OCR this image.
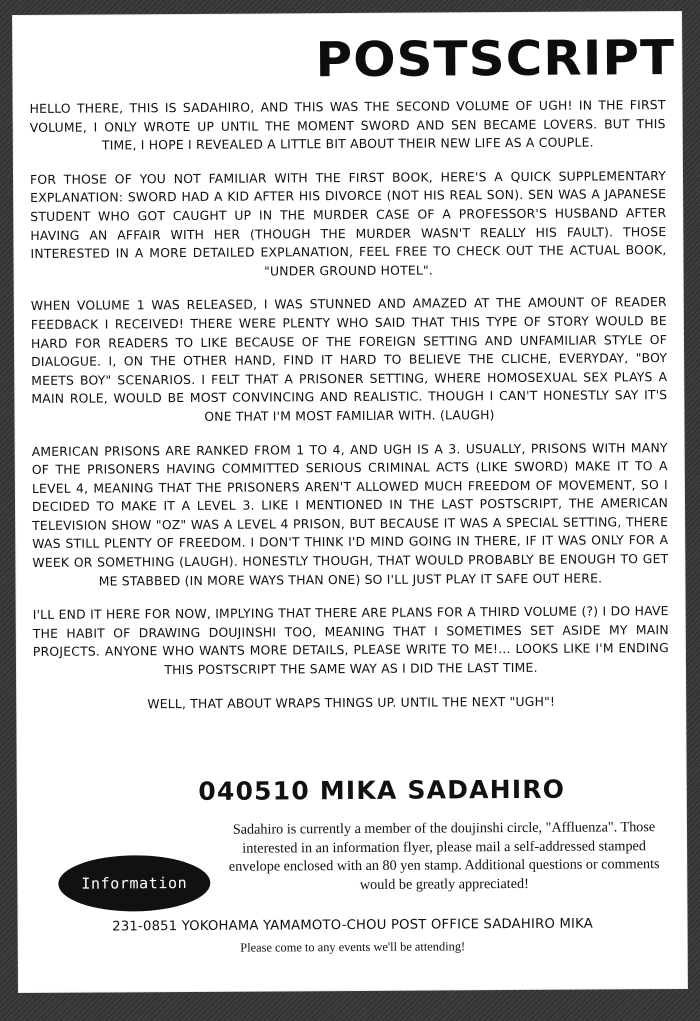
POSTSCRIPT

HELLO THERE, THIS IS SADAHIRO, AND THIS WAS THE SECOND VOLUME OF UGH! IN THE FIRST VOLUME, I ONLY WROTE UP UNTIL THE MOMENT SWORD AND SEN BECAME LOVERS. BUT THIS TIME, I HOPE I REVEALED A LITTLE BIT ABOUT THEIR NEW LIFE AS A COUPLE.

FOR THOSE OF YOU NOT FAMILIAR WITH THE FIRST BOOK, HERE'S A QUICK SUPPLEMENTARY EXPLANATION: SWORD HAD A KID AFTER HIS DIVORCE (NOT HIS REAL SON). SEN WAS A JAPANESE STUDENT WHO GOT CAUGHT UP IN THE MURDER CASE OF A PROFESSOR'S HUSBAND AFTER HAVING AN AFFAIR WITH HER (THOUGH THE MURDER WASN'T REALLY HIS FAULT). THOSE INTERESTED IN A MORE DETAILED EXPLANATION, FEEL FREE TO CHECK OUT THE ACTUAL BOOK, "UNDER GROUND HOTEL".

WHEN VOLUME 1 WAS RELEASED, I WAS STUNNED AND AMAZED AT THE AMOUNT OF READER FEEDBACK I RECEIVED! THERE WERE PLENTY WHO SAID THAT THIS TYPE OF STORY WOULD BE HARD FOR READERS TO LIKE BECAUSE OF THE FOREIGN SETTING AND UNFAMILIAR STYLE OF DIALOGUE. I, ON THE OTHER HAND, FIND IT HARD TO BELIEVE THE CLICHE, EVERYDAY, "BOY MEETS BOY" SCENARIOS. I FELT THAT A PRISONER SETTING, WHERE HOMOSEXUAL SEX PLAYS A MAIN ROLE, WOULD BE MOST CONVINCING AND REALISTIC. THOUGH I CAN'T HONESTLY SAY IT'S ONE THAT I'M MOST FAMILIAR WITH. (LAUGH)

AMERICAN PRISONS ARE RANKED FROM 1 TO 4, AND UGH IS A 3. USUALLY, PRISONS WITH MANY OF THE PRISONERS HAVING COMMITTED SERIOUS CRIMINAL ACTS (LIKE SWORD) MAKE IT TO A LEVEL 4, MEANING THAT THE PRISONERS AREN'T ALLOWED MUCH FREEDOM OF MOVEMENT, SO I DECIDED TO MAKE IT A LEVEL 3. LIKE I MENTIONED IN THE LAST POSTSCRIPT, THE AMERICAN TELEVISION SHOW "OZ" WAS A LEVEL 4 PRISON, BUT BECAUSE IT WAS A SPECIAL SETTING, THERE WAS STILL PLENTY OF FREEDOM. I DON'T THINK I'D MIND GOING IN THERE, IF IT WAS ONLY FOR A WEEK OR SOMETHING (LAUGH). HONESTLY THOUGH, THAT WOULD PROBABLY BE ENOUGH TO GET ME STABBED (IN MORE WAYS THAN ONE) SO I'LL JUST PLAY IT SAFE OUT HERE.

I'LL END IT HERE FOR NOW, IMPLYING THAT THERE ARE PLANS FOR A THIRD VOLUME (?) I DO HAVE THE HABIT OF DRAWING DOUJINSHI TOO, MEANING THAT I SOMETIMES SET ASIDE MY MAIN PROJECTS. ANYONE WHO WANTS MORE DETAILS, PLEASE WRITE TO ME!... LOOKS LIKE I'M ENDING THIS POSTSCRIPT THE SAME WAY AS I DID THE LAST TIME.

WELL, THAT ABOUT WRAPS THINGS UP. UNTIL THE NEXT "UGH"!

040510 MIKA SADAHIRO
Information
Sadahiro is currently a member of the doujinshi circle, "Affluenza". Those interested in an information flyer, please mail a self-addressed stamped envelope enclosed with an 80 yen stamp. Additional questions or comments would be greatly appreciated!
231-0851 YOKOHAMA YAMAMOTO-CHOU POST OFFICE SADAHIRO MIKA
Please come to any events we'll be attending!
